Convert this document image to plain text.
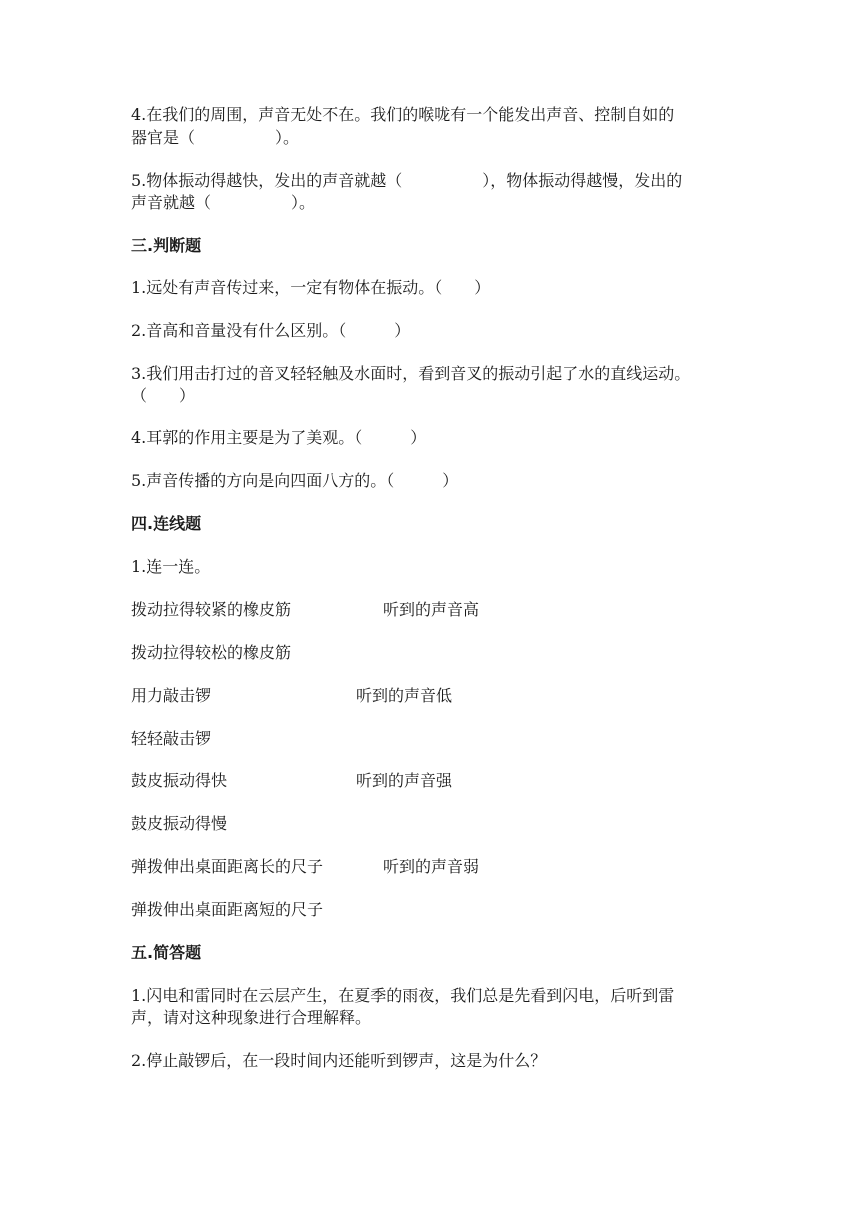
4.在我们的周围，声音无处不在。我们的喉咙有一个能发出声音、控制自如的
器官是（　　　　　）。
5.物体振动得越快，发出的声音就越（　　　　　），物体振动得越慢，发出的
声音就越（　　　　　）。
三.判断题
1.远处有声音传过来，一定有物体在振动。（　　）
2.音高和音量没有什么区别。（　　　）
3.我们用击打过的音叉轻轻触及水面时，看到音叉的振动引起了水的直线运动。
（　　）
4.耳郭的作用主要是为了美观。（　　　）
5.声音传播的方向是向四面八方的。（　　　）
四.连线题
1.连一连。
拨动拉得较紧的橡皮筋	听到的声音高
拨动拉得较松的橡皮筋
用力敲击锣	听到的声音低
轻轻敲击锣
鼓皮振动得快	听到的声音强
鼓皮振动得慢
弹拨伸出桌面距离长的尺子	听到的声音弱
弹拨伸出桌面距离短的尺子
五.简答题
1.闪电和雷同时在云层产生，在夏季的雨夜，我们总是先看到闪电，后听到雷
声，请对这种现象进行合理解释。
2.停止敲锣后，在一段时间内还能听到锣声，这是为什么？
